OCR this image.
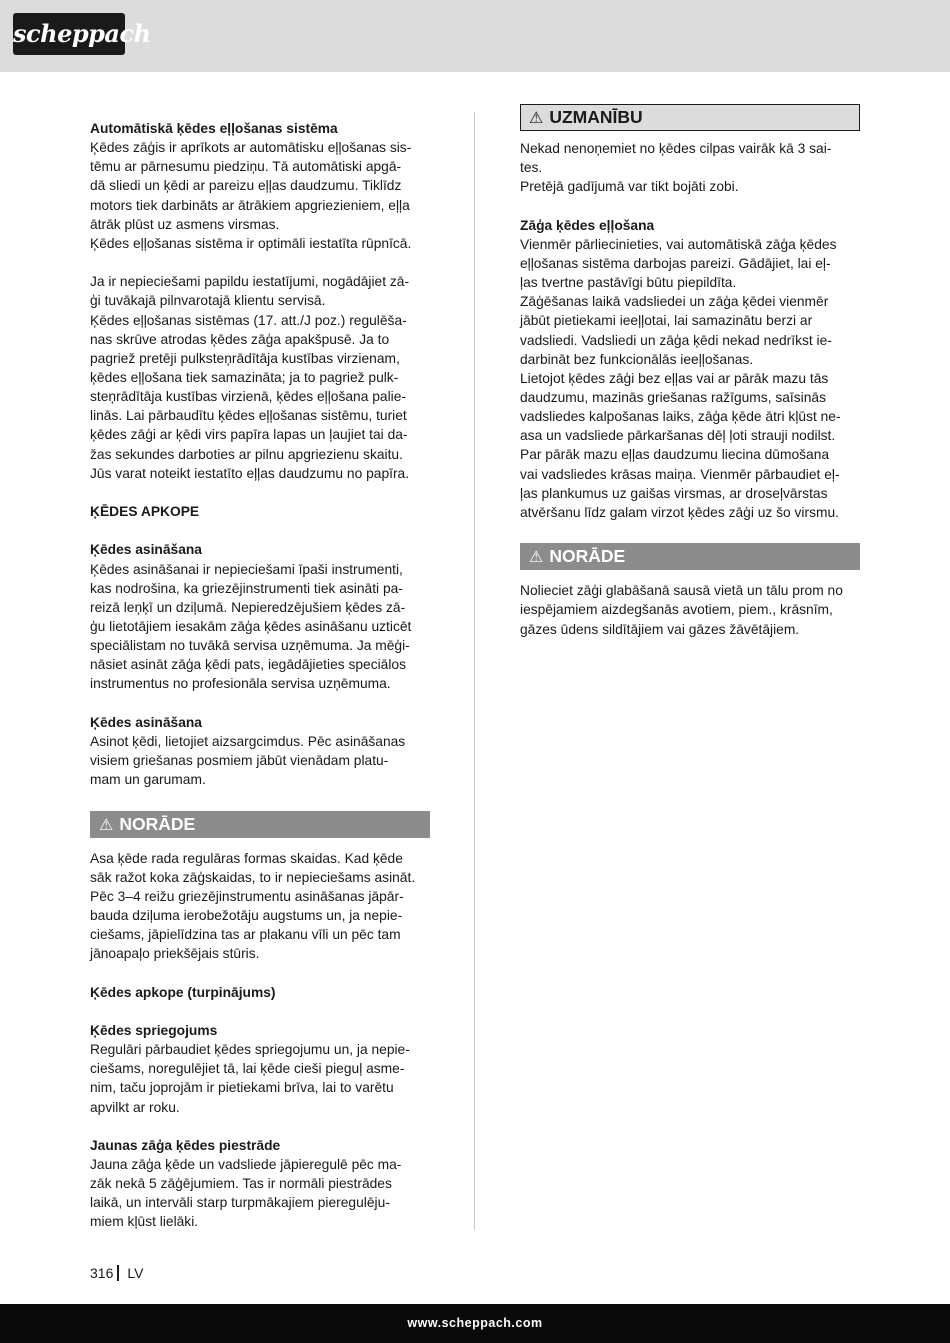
scheppach

Automātiskā ķēdes eļļošanas sistēma

Ķēdes zāģis ir aprīkots ar automātisku eļļošanas sis-

tēmu ar pārnesumu piedziņu. Tā automātiski apgā-

dā sliedi un ķēdi ar pareizu eļļas daudzumu. Tiklīdz

motors tiek darbināts ar ātrākiem apgriezieniem, eļļa

ātrāk plūst uz asmens virsmas.

Ķēdes eļļošanas sistēma ir optimāli iestatīta rūpnīcā.

Ja ir nepieciešami papildu iestatījumi, nogādājiet zā-

ģi tuvākajā pilnvarotajā klientu servisā.

Ķēdes eļļošanas sistēmas (17. att./J poz.) regulēša-

nas skrūve atrodas ķēdes zāģa apakšpusē. Ja to

pagriež pretēji pulksteņrādītāja kustības virzienam,

ķēdes eļļošana tiek samazināta; ja to pagriež pulk-

steņrādītāja kustības virzienā, ķēdes eļļošana palie-

linās. Lai pārbaudītu ķēdes eļļošanas sistēmu, turiet

ķēdes zāģi ar ķēdi virs papīra lapas un ļaujiet tai da-

žas sekundes darboties ar pilnu apgriezienu skaitu.

Jūs varat noteikt iestatīto eļļas daudzumu no papīra.

ĶĒDES APKOPE

Ķēdes asināšana

Ķēdes asināšanai ir nepieciešami īpaši instrumenti,

kas nodrošina, ka griezējinstrumenti tiek asināti pa-

reizā leņķī un dziļumā. Nepieredzējušiem ķēdes zā-

ģu lietotājiem iesakām zāģa ķēdes asināšanu uzticēt

speciālistam no tuvākā servisa uzņēmuma. Ja mēģi-

nāsiet asināt zāģa ķēdi pats, iegādājieties speciālos

instrumentus no profesionāla servisa uzņēmuma.

Ķēdes asināšana

Asinot ķēdi, lietojiet aizsargcimdus. Pēc asināšanas

visiem griešanas posmiem jābūt vienādam platu-

mam un garumam.

⚠ NORĀDE

Asa ķēde rada regulāras formas skaidas. Kad ķēde

sāk ražot koka zāģskaidas, to ir nepieciešams asināt.

Pēc 3–4 reižu griezējinstrumentu asināšanas jāpār-

bauda dziļuma ierobežotāju augstums un, ja nepie-

ciešams, jāpielīdzina tas ar plakanu vīli un pēc tam

jānoapaļo priekšējais stūris.

Ķēdes apkope (turpinājums)

Ķēdes spriegojums

Regulāri pārbaudiet ķēdes spriegojumu un, ja nepie-

ciešams, noregulējiet tā, lai ķēde cieši pieguļ asme-

nim, taču joprojām ir pietiekami brīva, lai to varētu

apvilkt ar roku.

Jaunas zāģa ķēdes piestrāde

Jauna zāģa ķēde un vadsliede jāpieregulē pēc ma-

zāk nekā 5 zāģējumiem. Tas ir normāli piestrādes

laikā, un intervāli starp turpmākajiem pieregulēju-

miem kļūst lielāki.

⚠ UZMANĪBU

Nekad nenoņemiet no ķēdes cilpas vairāk kā 3 sai-

tes.

Pretējā gadījumā var tikt bojāti zobi.

Zāģa ķēdes eļļošana

Vienmēr pārliecinieties, vai automātiskā zāģa ķēdes

eļļošanas sistēma darbojas pareizi. Gādājiet, lai eļ-

ļas tvertne pastāvīgi būtu piepildīta.

Zāģēšanas laikā vadsliedei un zāģa ķēdei vienmēr

jābūt pietiekami ieeļļotai, lai samazinātu berzi ar

vadsliedi. Vadsliedi un zāģa ķēdi nekad nedrīkst ie-

darbināt bez funkcionālās ieeļļošanas.

Lietojot ķēdes zāģi bez eļļas vai ar pārāk mazu tās

daudzumu, mazinās griešanas ražīgums, saīsinās

vadsliedes kalpošanas laiks, zāģa ķēde ātri kļūst ne-

asa un vadsliede pārkaršanas dēļ ļoti strauji nodilst.

Par pārāk mazu eļļas daudzumu liecina dūmošana

vai vadsliedes krāsas maiņa. Vienmēr pārbaudiet eļ-

ļas plankumus uz gaišas virsmas, ar droseļvārstas

atvēršanu līdz galam virzot ķēdes zāģi uz šo virsmu.

⚠ NORĀDE

Nolieciet zāģi glabāšanā sausā vietā un tālu prom no

iespējamiem aizdegšanās avotiem, piem., krāsnīm,

gāzes ūdens sildītājiem vai gāzes žāvētājiem.

316 LV
www.scheppach.com
